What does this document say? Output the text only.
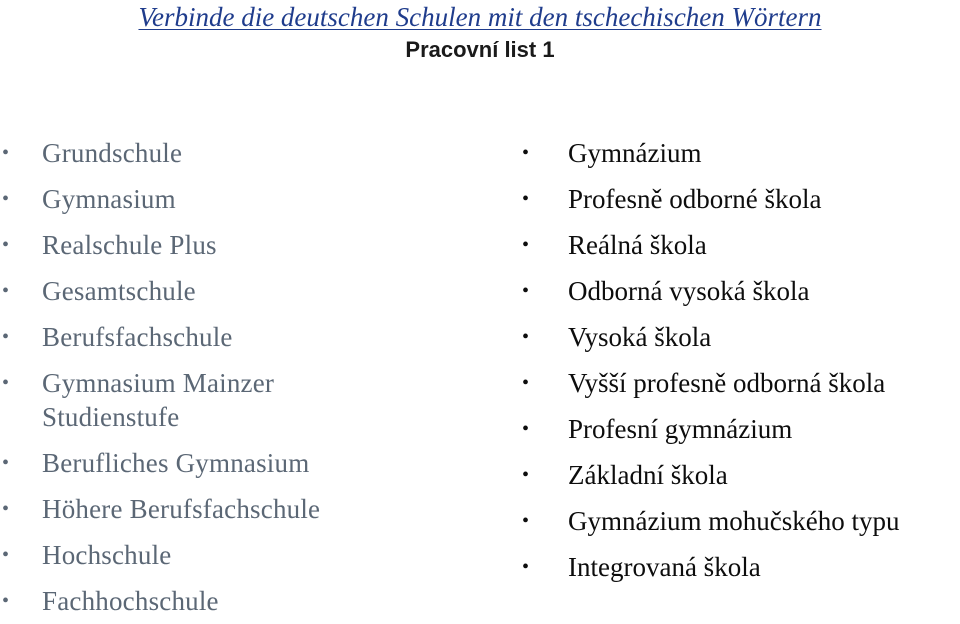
Verbinde die deutschen Schulen mit den tschechischen Wörtern
Pracovní list 1
• Grundschule
• Gymnasium
• Realschule Plus
• Gesamtschule
• Berufsfachschule
• Gymnasium Mainzer
Studienstufe
• Berufliches Gymnasium
• Höhere Berufsfachschule
• Hochschule
• Fachhochschule
• Gymnázium
• Profesně odborné škola
• Reálná škola
• Odborná vysoká škola
• Vysoká škola
• Vyšší profesně odborná škola
• Profesní gymnázium
• Základní škola
• Gymnázium mohučského typu
• Integrovaná škola
